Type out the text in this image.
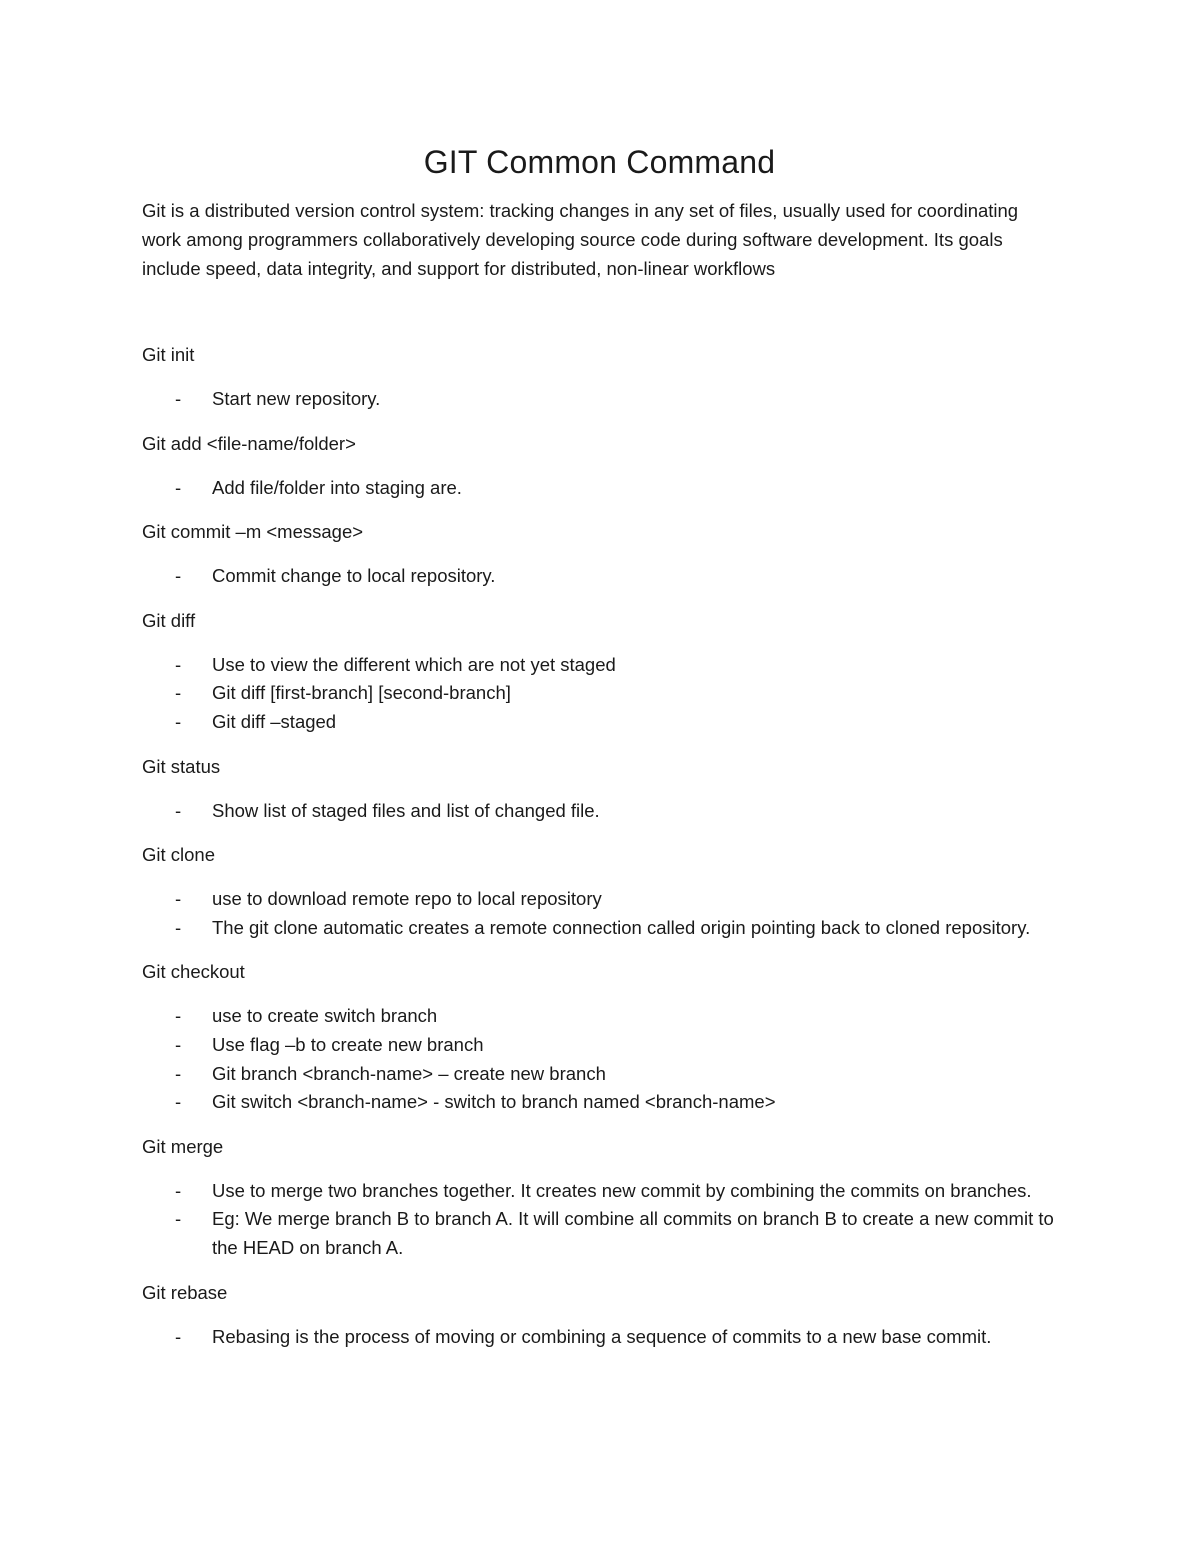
GIT Common Command

Git is a distributed version control system: tracking changes in any set of files, usually used for coordinating work among programmers collaboratively developing source code during software development. Its goals include speed, data integrity, and support for distributed, non-linear workflows

Git init

- Start new repository.

Git add <file-name/folder>

- Add file/folder into staging are.

Git commit –m <message>

- Commit change to local repository.

Git diff

- Use to view the different which are not yet staged
- Git diff [first-branch] [second-branch]
- Git diff –staged

Git status

- Show list of staged files and list of changed file.

Git clone

- use to download remote repo to local repository
- The git clone automatic creates a remote connection called origin pointing back to cloned repository.

Git checkout

- use to create switch branch
- Use flag –b to create new branch
- Git branch <branch-name> – create new branch
- Git switch <branch-name> - switch to branch named <branch-name>

Git merge

- Use to merge two branches together. It creates new commit by combining the commits on branches.
- Eg: We merge branch B to branch A. It will combine all commits on branch B to create a new commit to the HEAD on branch A.

Git rebase

- Rebasing is the process of moving or combining a sequence of commits to a new base commit.
